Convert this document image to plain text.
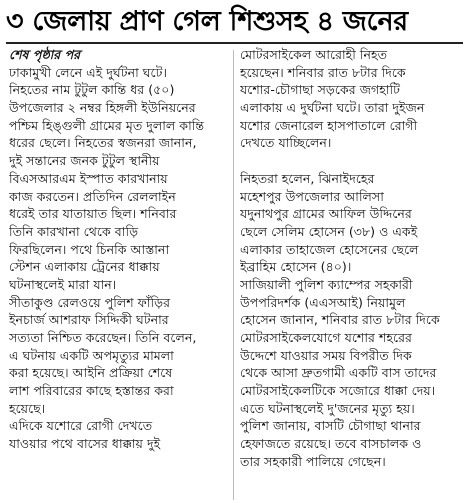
৩ জেলায় প্রাণ গেল শিশুসহ ৪ জনের
শেষ পৃষ্ঠার পর
ঢাকামুখী লেনে এই দুর্ঘটনা ঘটে।
নিহতের নাম টুটুল কান্তি ধর (৫০)
উপজেলার ২ নম্বর হিঙ্গলী ইউনিয়নের
পশ্চিম হিঙ্গুলী গ্রামের মৃত দুলাল কান্তি
ধরের ছেলে। নিহতের স্বজনরা জানান,
দুই সন্তানের জনক টুটুল স্থানীয়
বিএসআরএম ইস্পাত কারখানায়
কাজ করতেন। প্রতিদিন রেললাইন
ধরেই তার যাতায়াত ছিল। শনিবার
তিনি কারখানা থেকে বাড়ি
ফিরছিলেন। পথে চিনকি আস্তানা
স্টেশন এলাকায় ট্রেনের ধাক্কায়
ঘটনাস্থলেই মারা যান।
সীতাকুণ্ড রেলওয়ে পুলিশ ফাঁড়ির
ইনচার্জ আশরাফ সিদ্দিকী ঘটনার
সত্যতা নিশ্চিত করেছেন। তিনি বলেন,
এ ঘটনায় একটি অপমৃত্যুর মামলা
করা হয়েছে। আইনি প্রক্রিয়া শেষে
লাশ পরিবারের কাছে হস্তান্তর করা
হয়েছে।
এদিকে যশোরে রোগী দেখতে
যাওয়ার পথে বাসের ধাক্কায় দুই
মোটরসাইকেল আরোহী নিহত
হয়েছেন। শনিবার রাত ৮টার দিকে
যশোর-চৌগাছা সড়কের জগহাটি
এলাকায় এ দুর্ঘটনা ঘটে। তারা দুইজন
যশোর জেনারেল হাসপাতালে রোগী
দেখতে যাচ্ছিলেন।
নিহতরা হলেন, ঝিনাইদহের
মহেশপুর উপজেলার আলিসা
যদুনাথপুর গ্রামের আফিল উদ্দিনের
ছেলে সেলিম হোসেন (৩৮) ও একই
এলাকার তাহাজেল হোসেনের ছেলে
ইব্রাহিম হোসেন (৪০)।
সাজিয়ালী পুলিশ ক্যাম্পের সহকারী
উপপরিদর্শক (এএসআই) নিয়ামুল
হোসেন জানান, শনিবার রাত ৮টার দিকে
মোটরসাইকেলযোগে যশোর শহরের
উদ্দেশে যাওয়ার সময় বিপরীত দিক
থেকে আসা দ্রুতগামী একটি বাস তাদের
মোটরসাইকেলটিকে সজোরে ধাক্কা দেয়।
এতে ঘটনাস্থলেই দু'জনের মৃত্যু হয়।
পুলিশ জানায়, বাসটি চৌগাছা থানার
হেফাজতে রয়েছে। তবে বাসচালক ও
তার সহকারী পালিয়ে গেছেন।
